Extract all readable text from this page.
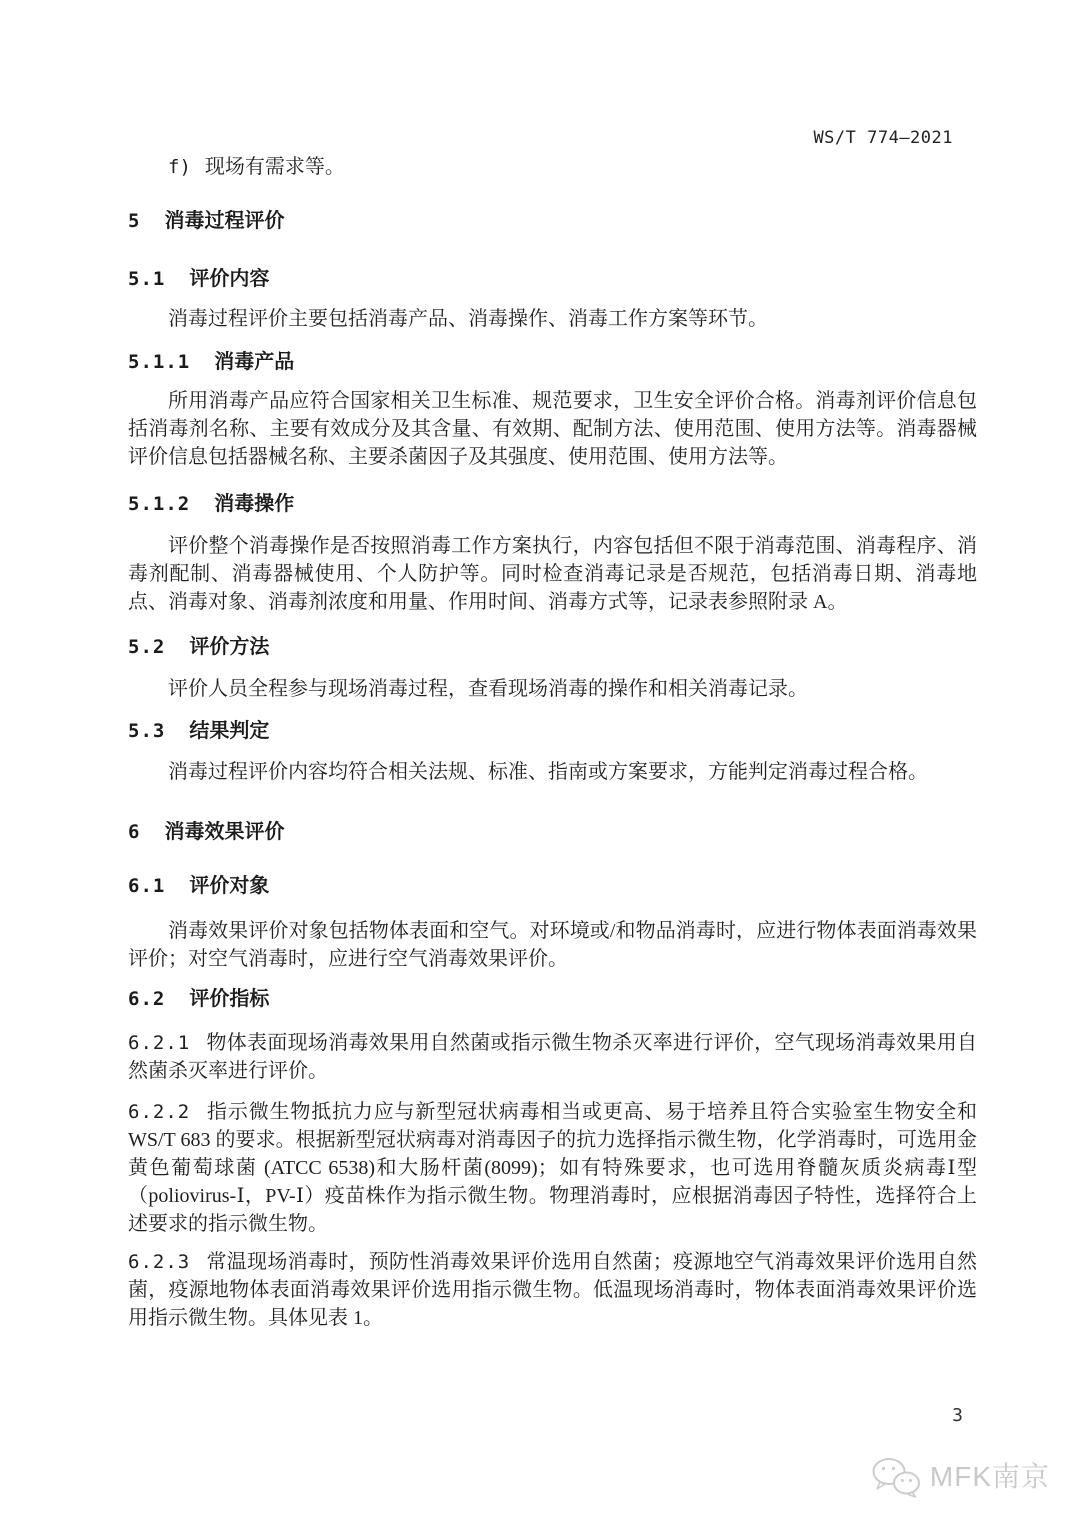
WS/T 774—2021
f) 现场有需求等。
5 消毒过程评价
5.1 评价内容
消毒过程评价主要包括消毒产品、消毒操作、消毒工作方案等环节。
5.1.1 消毒产品
所用消毒产品应符合国家相关卫生标准、规范要求，卫生安全评价合格。消毒剂评价信息包括消毒剂名称、主要有效成分及其含量、有效期、配制方法、使用范围、使用方法等。消毒器械评价信息包括器械名称、主要杀菌因子及其强度、使用范围、使用方法等。
5.1.2 消毒操作
评价整个消毒操作是否按照消毒工作方案执行，内容包括但不限于消毒范围、消毒程序、消毒剂配制、消毒器械使用、个人防护等。同时检查消毒记录是否规范，包括消毒日期、消毒地点、消毒对象、消毒剂浓度和用量、作用时间、消毒方式等，记录表参照附录 A。
5.2 评价方法
评价人员全程参与现场消毒过程，查看现场消毒的操作和相关消毒记录。
5.3 结果判定
消毒过程评价内容均符合相关法规、标准、指南或方案要求，方能判定消毒过程合格。
6 消毒效果评价
6.1 评价对象
消毒效果评价对象包括物体表面和空气。对环境或/和物品消毒时，应进行物体表面消毒效果评价；对空气消毒时，应进行空气消毒效果评价。
6.2 评价指标
6.2.1 物体表面现场消毒效果用自然菌或指示微生物杀灭率进行评价，空气现场消毒效果用自然菌杀灭率进行评价。
6.2.2 指示微生物抵抗力应与新型冠状病毒相当或更高、易于培养且符合实验室生物安全和 WS/T 683 的要求。根据新型冠状病毒对消毒因子的抗力选择指示微生物，化学消毒时，可选用金黄色葡萄球菌 (ATCC 6538)和大肠杆菌(8099)；如有特殊要求，也可选用脊髓灰质炎病毒Ⅰ型（poliovirus-Ⅰ，PV-Ⅰ）疫苗株作为指示微生物。物理消毒时，应根据消毒因子特性，选择符合上述要求的指示微生物。
6.2.3 常温现场消毒时，预防性消毒效果评价选用自然菌；疫源地空气消毒效果评价选用自然菌，疫源地物体表面消毒效果评价选用指示微生物。低温现场消毒时，物体表面消毒效果评价选用指示微生物。具体见表 1。
3
MFK南京
